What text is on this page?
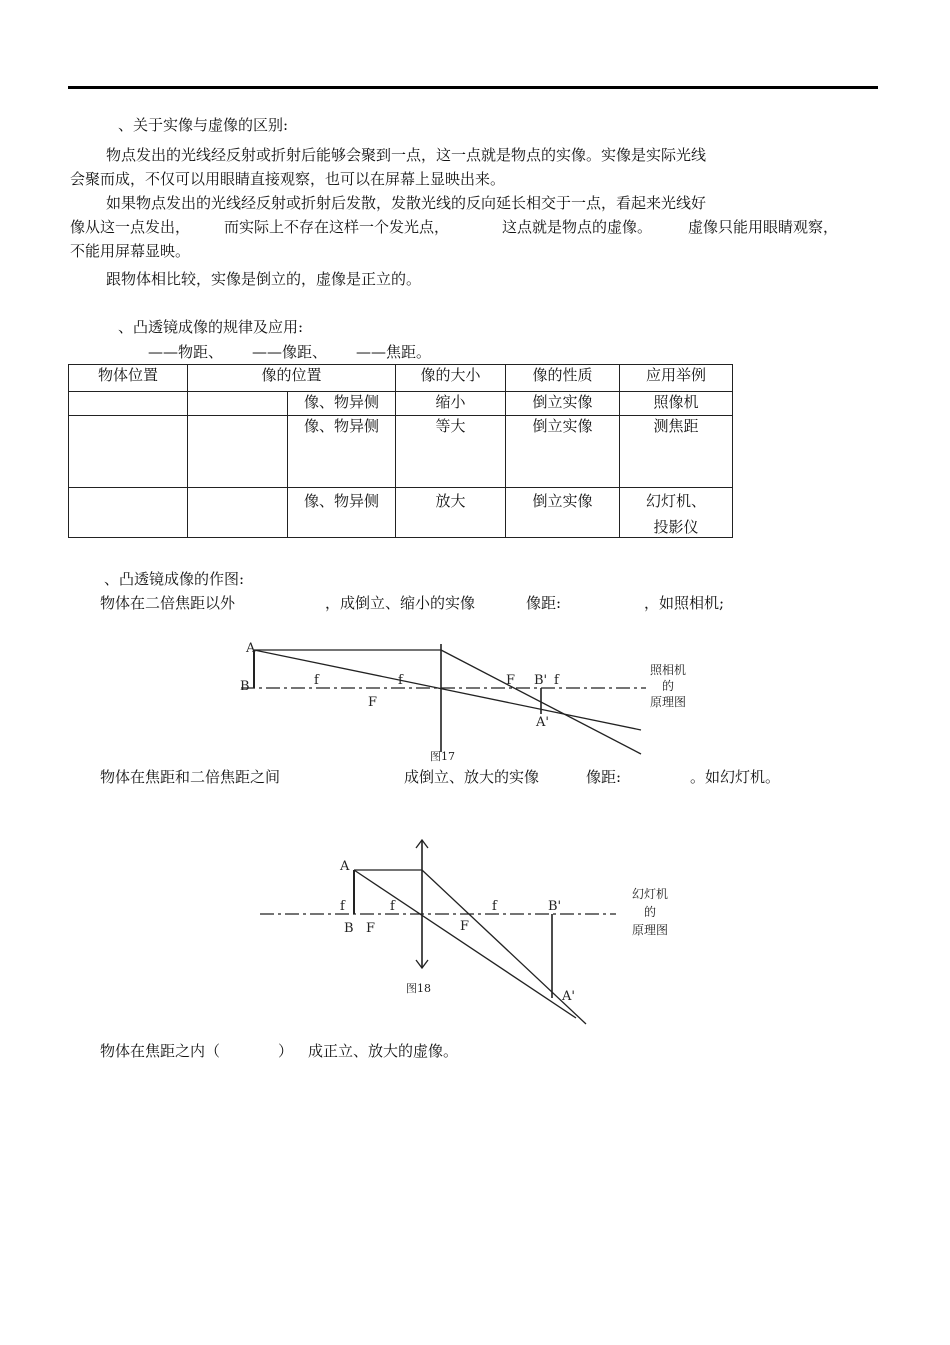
、关于实像与虚像的区别:
物点发出的光线经反射或折射后能够会聚到一点，这一点就是物点的实像。实像是实际光线
会聚而成，不仅可以用眼睛直接观察，也可以在屏幕上显映出来。
如果物点发出的光线经反射或折射后发散，发散光线的反向延长相交于一点，看起来光线好
像从这一点发出， 而实际上不存在这样一个发光点，	这点就是物点的虚像。 虚像只能用眼睛观察，
不能用屏幕显映。
跟物体相比较，实像是倒立的，虚像是正立的。
、凸透镜成像的规律及应用:
——物距、 ——像距、 ——焦距。
物体位置	像的位置		像的大小	像的性质	应用举例
		像、物异侧	缩小	倒立实像	照像机
		像、物异侧	等大	倒立实像	测焦距
		像、物异侧	放大	倒立实像	幻灯机、
投影仪
、凸透镜成像的作图:
物体在二倍焦距以外	，成倒立、缩小的实像	像距:	，如照相机;
A
B	f
F
f	F B' f
A'
图17
照相机
的
原理图
物体在焦距和二倍焦距之间	成倒立、放大的实像	像距:	。如幻灯机。
A
B F
f	f
F
f	B'
A'
图18
幻灯机
的
原理图
物体在焦距之内（	） 成正立、放大的虚像。
